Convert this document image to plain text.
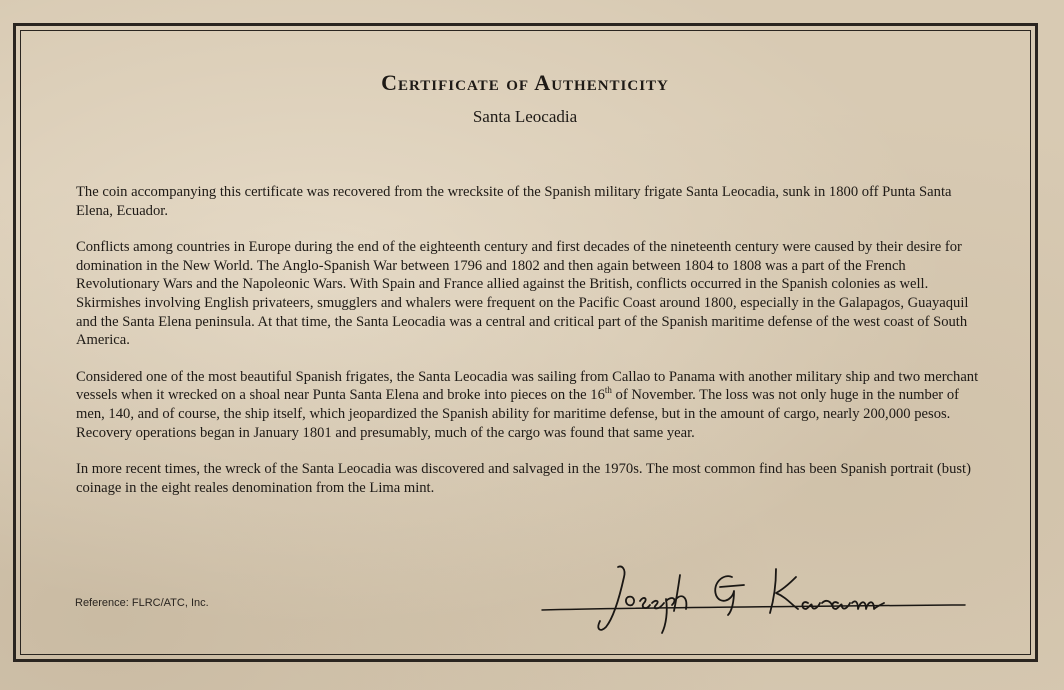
Certificate of Authenticity
Santa Leocadia

The coin accompanying this certificate was recovered from the wrecksite of the Spanish military frigate Santa Leocadia, sunk in 1800 off Punta Santa Elena, Ecuador.

Conflicts among countries in Europe during the end of the eighteenth century and first decades of the nineteenth century were caused by their desire for domination in the New World. The Anglo-Spanish War between 1796 and 1802 and then again between 1804 to 1808 was a part of the French Revolutionary Wars and the Napoleonic Wars. With Spain and France allied against the British, conflicts occurred in the Spanish colonies as well. Skirmishes involving English privateers, smugglers and whalers were frequent on the Pacific Coast around 1800, especially in the Galapagos, Guayaquil and the Santa Elena peninsula. At that time, the Santa Leocadia was a central and critical part of the Spanish maritime defense of the west coast of South America.

Considered one of the most beautiful Spanish frigates, the Santa Leocadia was sailing from Callao to Panama with another military ship and two merchant vessels when it wrecked on a shoal near Punta Santa Elena and broke into pieces on the 16th of November. The loss was not only huge in the number of men, 140, and of course, the ship itself, which jeopardized the Spanish ability for maritime defense, but in the amount of cargo, nearly 200,000 pesos. Recovery operations began in January 1801 and presumably, much of the cargo was found that same year.

In more recent times, the wreck of the Santa Leocadia was discovered and salvaged in the 1970s. The most common find has been Spanish portrait (bust) coinage in the eight reales denomination from the Lima mint.

Reference: FLRC/ATC, Inc.
